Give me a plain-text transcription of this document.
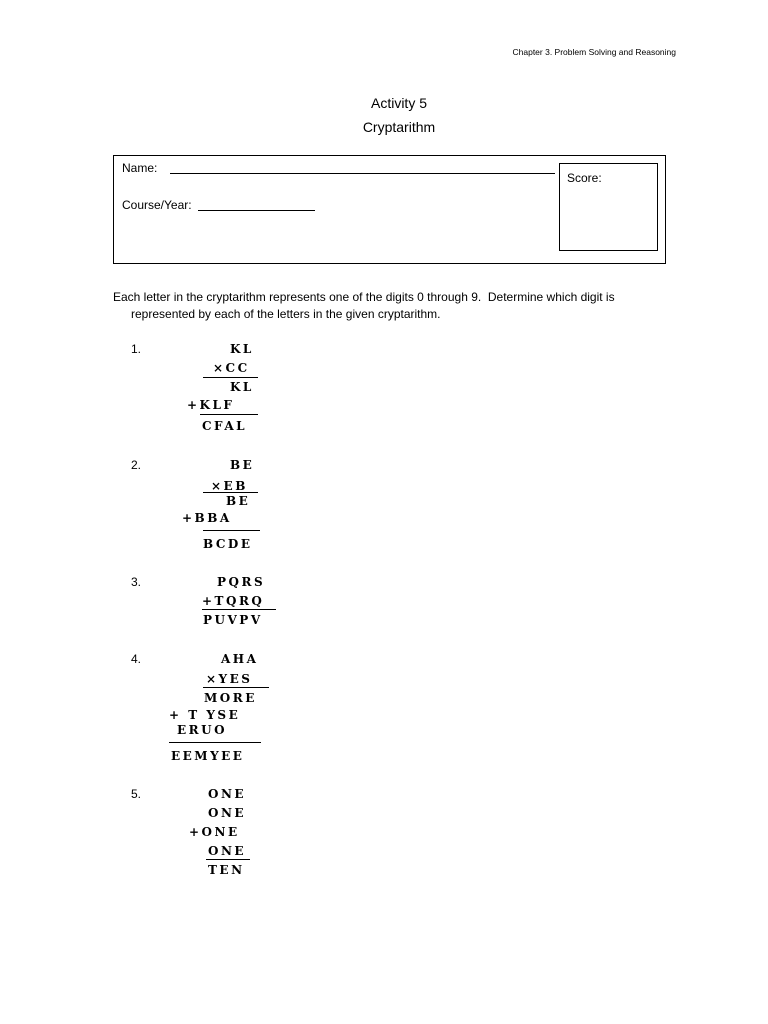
Chapter 3. Problem Solving and Reasoning
Activity 5
Cryptarithm
Name:
Course/Year:
Score:
Each letter in the cryptarithm represents one of the digits 0 through 9.  Determine which digit is
represented by each of the letters in the given cryptarithm.
1.	KL
×CC
KL
+KLF
CFAL
2.	BE
×EB
BE
+BBA
BCDE
3.	PQRS
+TQRQ
PUVPV
4.	AHA
×YES
MORE
+ T YSE
ERUO
EEMYEE
5.	ONE
ONE
+ONE
ONE
TEN
